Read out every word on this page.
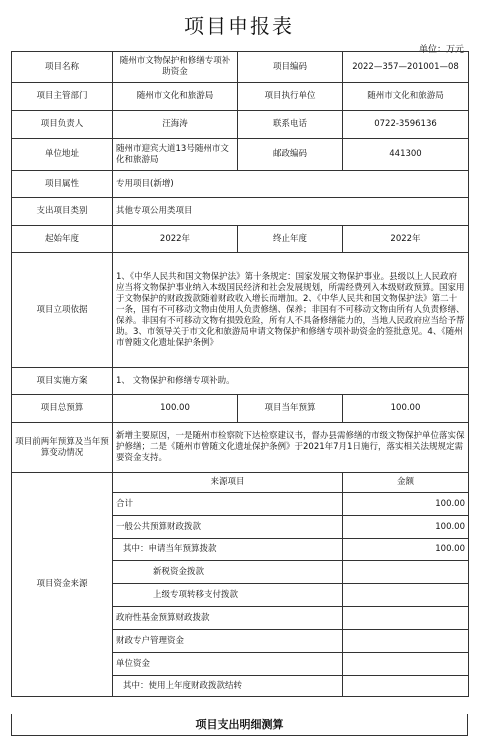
项目申报表
单位：万元
项目名称	随州市文物保护和修缮专项补助资金	项目编码	2022—357—201001—08
项目主管部门	随州市文化和旅游局	项目执行单位	随州市文化和旅游局
项目负责人	汪海涛	联系电话	0722-3596136
单位地址	随州市迎宾大道13号随州市文化和旅游局	邮政编码	441300
项目属性	专用项目(新增)		
支出项目类别	其他专项公用类项目		
起始年度	2022年	终止年度	2022年
项目立项依据	1、《中华人民共和国文物保护法》第十条规定：国家发展文物保护事业。县级以上人民政府应当将文物保护事业纳入本级国民经济和社会发展规划，所需经费列入本级财政预算。国家用于文物保护的财政拨款随着财政收入增长而增加。2、《中华人民共和国文物保护法》第二十一条，国有不可移动文物由使用人负责修缮、保养；非国有不可移动文物由所有人负责修缮、保养。非国有不可移动文物有损毁危险，所有人不具备修缮能力的，当地人民政府应当给予帮助。3、市领导关于市文化和旅游局申请文物保护和修缮专项补助资金的签批意见。4、《随州市曾随文化遗址保护条例》		
项目实施方案	1、 文物保护和修缮专项补助。		
项目总预算	100.00	项目当年预算	100.00
项目前两年预算及当年预算变动情况	新增主要原因，一是随州市检察院下达检察建议书，督办县需修缮的市级文物保护单位落实保护修缮；二是《随州市曾随文化遗址保护条例》于2021年7月1日施行，落实相关法规规定需要资金支持。		
项目资金来源	来源项目		金额
	合计		100.00
	一般公共预算财政拨款		100.00
	其中：申请当年预算拨款		100.00
	新税资金拨款		
	上级专项转移支付拨款		
	政府性基金预算财政拨款		
	财政专户管理资金		
	单位资金		
	其中：使用上年度财政拨款结转		
项目支出明细测算
